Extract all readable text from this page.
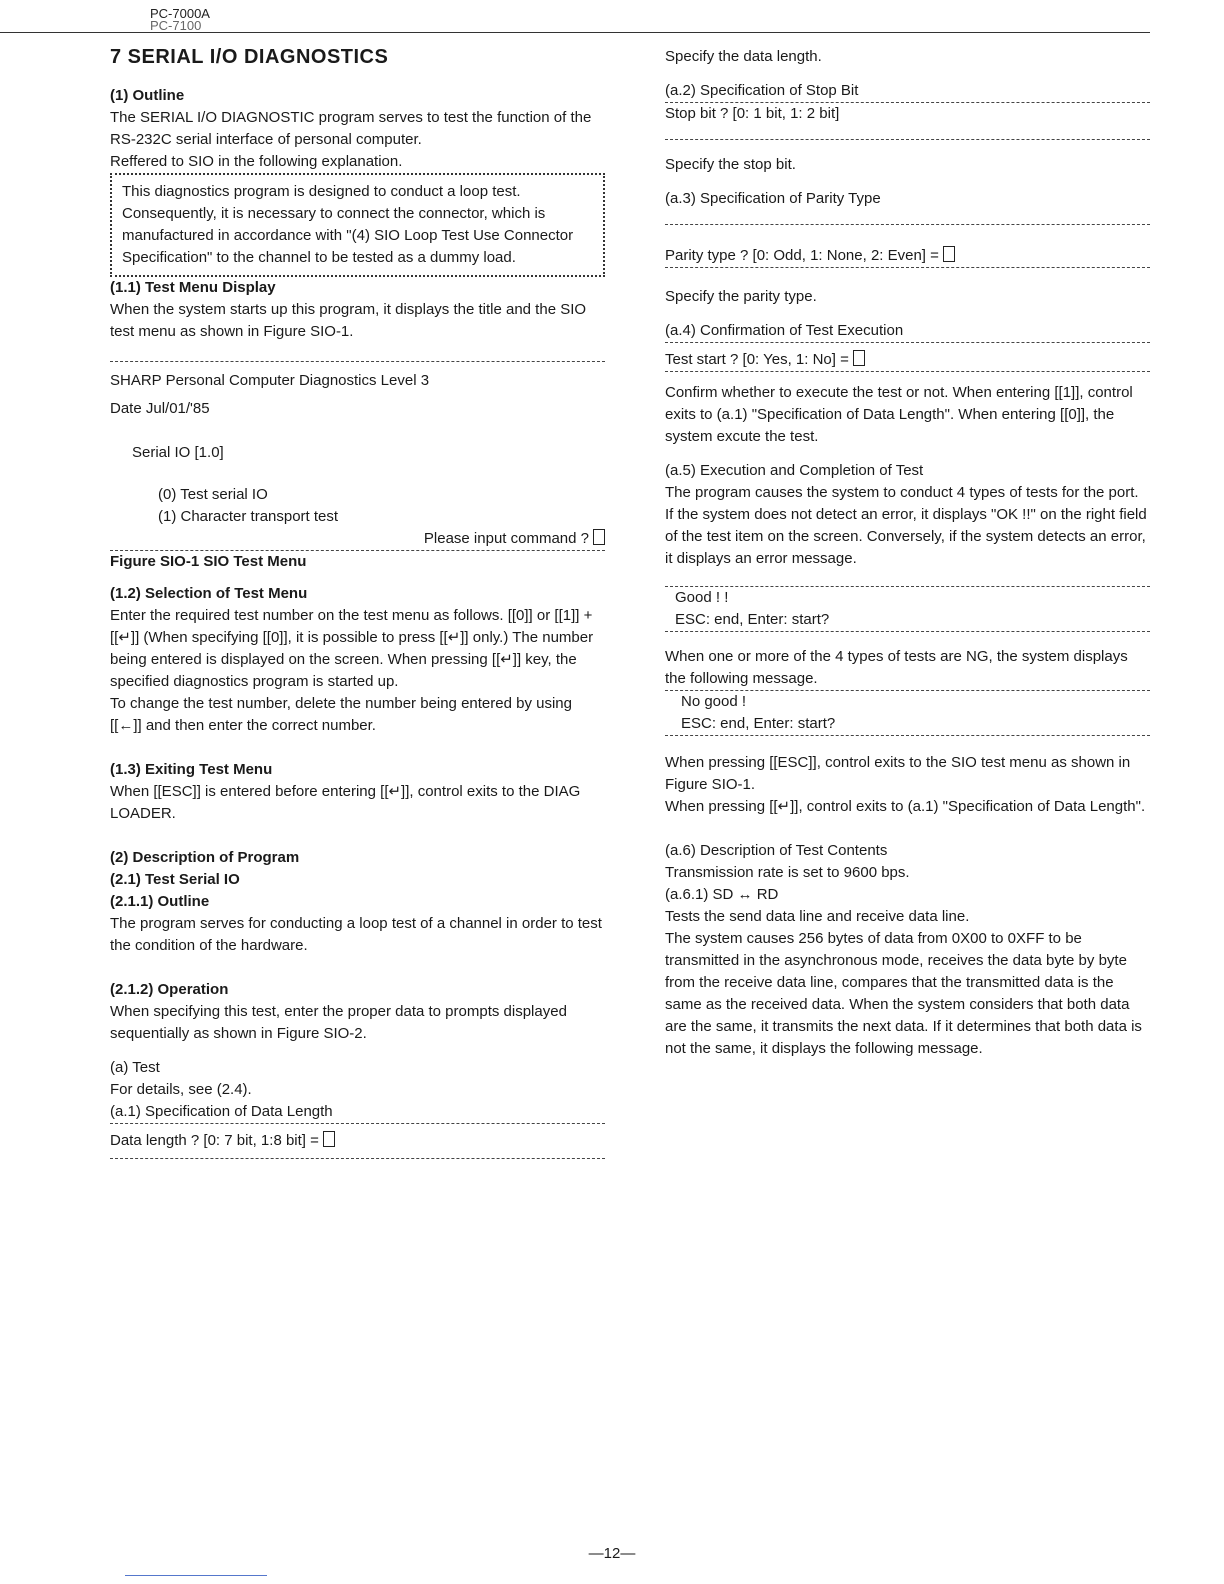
PC-7000A
PC-7100
7 SERIAL I/O DIAGNOSTICS
(1) Outline

The SERIAL I/O DIAGNOSTIC program serves to test the function of the RS-232C serial interface of personal computer.

Reffered to SIO in the following explanation.

This diagnostics program is designed to conduct a loop test. Consequently, it is necessary to connect the connector, which is manufactured in accordance with "(4) SIO Loop Test Use Connector Specification" to the channel to be tested as a dummy load.
(1.1) Test Menu Display

When the system starts up this program, it displays the title and the SIO test menu as shown in Figure SIO-1.

SHARP Personal Computer Diagnostics Level 3
Date Jul/01/'85
Serial IO [1.0]
(0) Test serial IO
(1) Character transport test
Please input command ?
Figure SIO-1 SIO Test Menu
(1.2) Selection of Test Menu

Enter the required test number on the test menu as follows. [[0]] or [[1]] + [[↵]] (When specifying [[0]], it is possible to press [[↵]] only.) The number being entered is displayed on the screen. When pressing [[↵]] key, the specified diagnostics program is started up.

To change the test number, delete the number being entered by using [[←]] and then enter the correct number.

(1.3) Exiting Test Menu

When [[ESC]] is entered before entering [[↵]], control exits to the DIAG LOADER.

(2) Description of Program
(2.1) Test Serial IO
(2.1.1) Outline

The program serves for conducting a loop test of a channel in order to test the condition of the hardware.

(2.1.2) Operation

When specifying this test, enter the proper data to prompts displayed sequentially as shown in Figure SIO-2.

(a) Test
For details, see (2.4).
(a.1) Specification of Data Length
Data length ? [0: 7 bit, 1:8 bit] =
Specify the data length.
(a.2) Specification of Stop Bit
Stop bit ? [0: 1 bit, 1: 2 bit]
Specify the stop bit.
(a.3) Specification of Parity Type
Parity type ? [0: Odd, 1: None, 2: Even] =
Specify the parity type.
(a.4) Confirmation of Test Execution
Test start ? [0: Yes, 1: No] =

Confirm whether to execute the test or not. When entering [[1]], control exits to (a.1) "Specification of Data Length". When entering [[0]], the system excute the test.

(a.5) Execution and Completion of Test

The program causes the system to conduct 4 types of tests for the port. If the system does not detect an error, it displays "OK !!" on the right field of the test item on the screen. Conversely, if the system detects an error, it displays an error message.

Good ! !
ESC: end, Enter: start?

When one or more of the 4 types of tests are NG, the system displays the following message.

No good !
ESC: end, Enter: start?

When pressing [[ESC]], control exits to the SIO test menu as shown in Figure SIO-1.

When pressing [[↵]], control exits to (a.1) "Specification of Data Length".

(a.6) Description of Test Contents
Transmission rate is set to 9600 bps.
(a.6.1) SD ↔ RD
Tests the send data line and receive data line.

The system causes 256 bytes of data from 0X00 to 0XFF to be transmitted in the asynchronous mode, receives the data byte by byte from the receive data line, compares that the transmitted data is the same as the received data. When the system considers that both data are the same, it transmits the next data. If it determines that both data is not the same, it displays the following message.

—12—
